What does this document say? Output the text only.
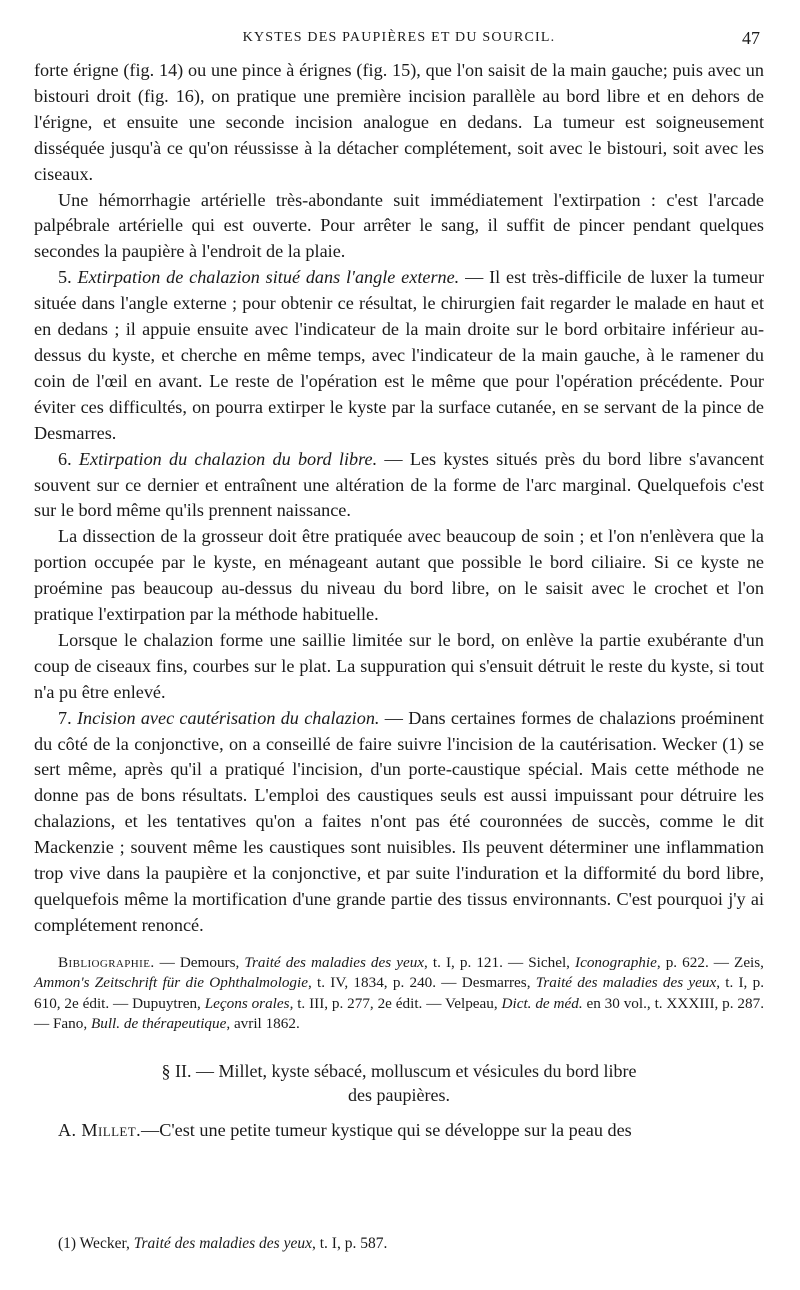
KYSTES DES PAUPIÈRES ET DU SOURCIL.	47

forte érigne (fig. 14) ou une pince à érignes (fig. 15), que l'on saisit de la main gauche; puis avec un bistouri droit (fig. 16), on pratique une première incision parallèle au bord libre et en dehors de l'érigne, et ensuite une seconde incision analogue en dedans. La tumeur est soigneusement disséquée jusqu'à ce qu'on réussisse à la détacher complétement, soit avec le bistouri, soit avec les ciseaux.

Une hémorrhagie artérielle très-abondante suit immédiatement l'extirpation : c'est l'arcade palpébrale artérielle qui est ouverte. Pour arrêter le sang, il suffit de pincer pendant quelques secondes la paupière à l'endroit de la plaie.

5. Extirpation de chalazion situé dans l'angle externe. — Il est très-difficile de luxer la tumeur située dans l'angle externe ; pour obtenir ce résultat, le chirurgien fait regarder le malade en haut et en dedans ; il appuie ensuite avec l'indicateur de la main droite sur le bord orbitaire inférieur au-dessus du kyste, et cherche en même temps, avec l'indicateur de la main gauche, à le ramener du coin de l'œil en avant. Le reste de l'opération est le même que pour l'opération précédente. Pour éviter ces difficultés, on pourra extirper le kyste par la surface cutanée, en se servant de la pince de Desmarres.

6. Extirpation du chalazion du bord libre. — Les kystes situés près du bord libre s'avancent souvent sur ce dernier et entraînent une altération de la forme de l'arc marginal. Quelquefois c'est sur le bord même qu'ils prennent naissance.

La dissection de la grosseur doit être pratiquée avec beaucoup de soin ; et l'on n'enlèvera que la portion occupée par le kyste, en ménageant autant que possible le bord ciliaire. Si ce kyste ne proémine pas beaucoup au-dessus du niveau du bord libre, on le saisit avec le crochet et l'on pratique l'extirpation par la méthode habituelle.

Lorsque le chalazion forme une saillie limitée sur le bord, on enlève la partie exubérante d'un coup de ciseaux fins, courbes sur le plat. La suppuration qui s'ensuit détruit le reste du kyste, si tout n'a pu être enlevé.

7. Incision avec cautérisation du chalazion. — Dans certaines formes de chalazions proéminent du côté de la conjonctive, on a conseillé de faire suivre l'incision de la cautérisation. Wecker (1) se sert même, après qu'il a pratiqué l'incision, d'un porte-caustique spécial. Mais cette méthode ne donne pas de bons résultats. L'emploi des caustiques seuls est aussi impuissant pour détruire les chalazions, et les tentatives qu'on a faites n'ont pas été couronnées de succès, comme le dit Mackenzie ; souvent même les caustiques sont nuisibles. Ils peuvent déterminer une inflammation trop vive dans la paupière et la conjonctive, et par suite l'induration et la difformité du bord libre, quelquefois même la mortification d'une grande partie des tissus environnants. C'est pourquoi j'y ai complétement renoncé.

Bibliographie. — Demours, Traité des maladies des yeux, t. I, p. 121. — Sichel, Iconographie, p. 622. — Zeis, Ammon's Zeitschrift für die Ophthalmologie, t. IV, 1834, p. 240. — Desmarres, Traité des maladies des yeux, t. I, p. 610, 2e édit. — Dupuytren, Leçons orales, t. III, p. 277, 2e édit. — Velpeau, Dict. de méd. en 30 vol., t. XXXIII, p. 287. — Fano, Bull. de thérapeutique, avril 1862.

§ II. — Millet, kyste sébacé, molluscum et vésicules du bord libre
des paupières.

A. Millet.—C'est une petite tumeur kystique qui se développe sur la peau des

(1) Wecker, Traité des maladies des yeux, t. I, p. 587.
